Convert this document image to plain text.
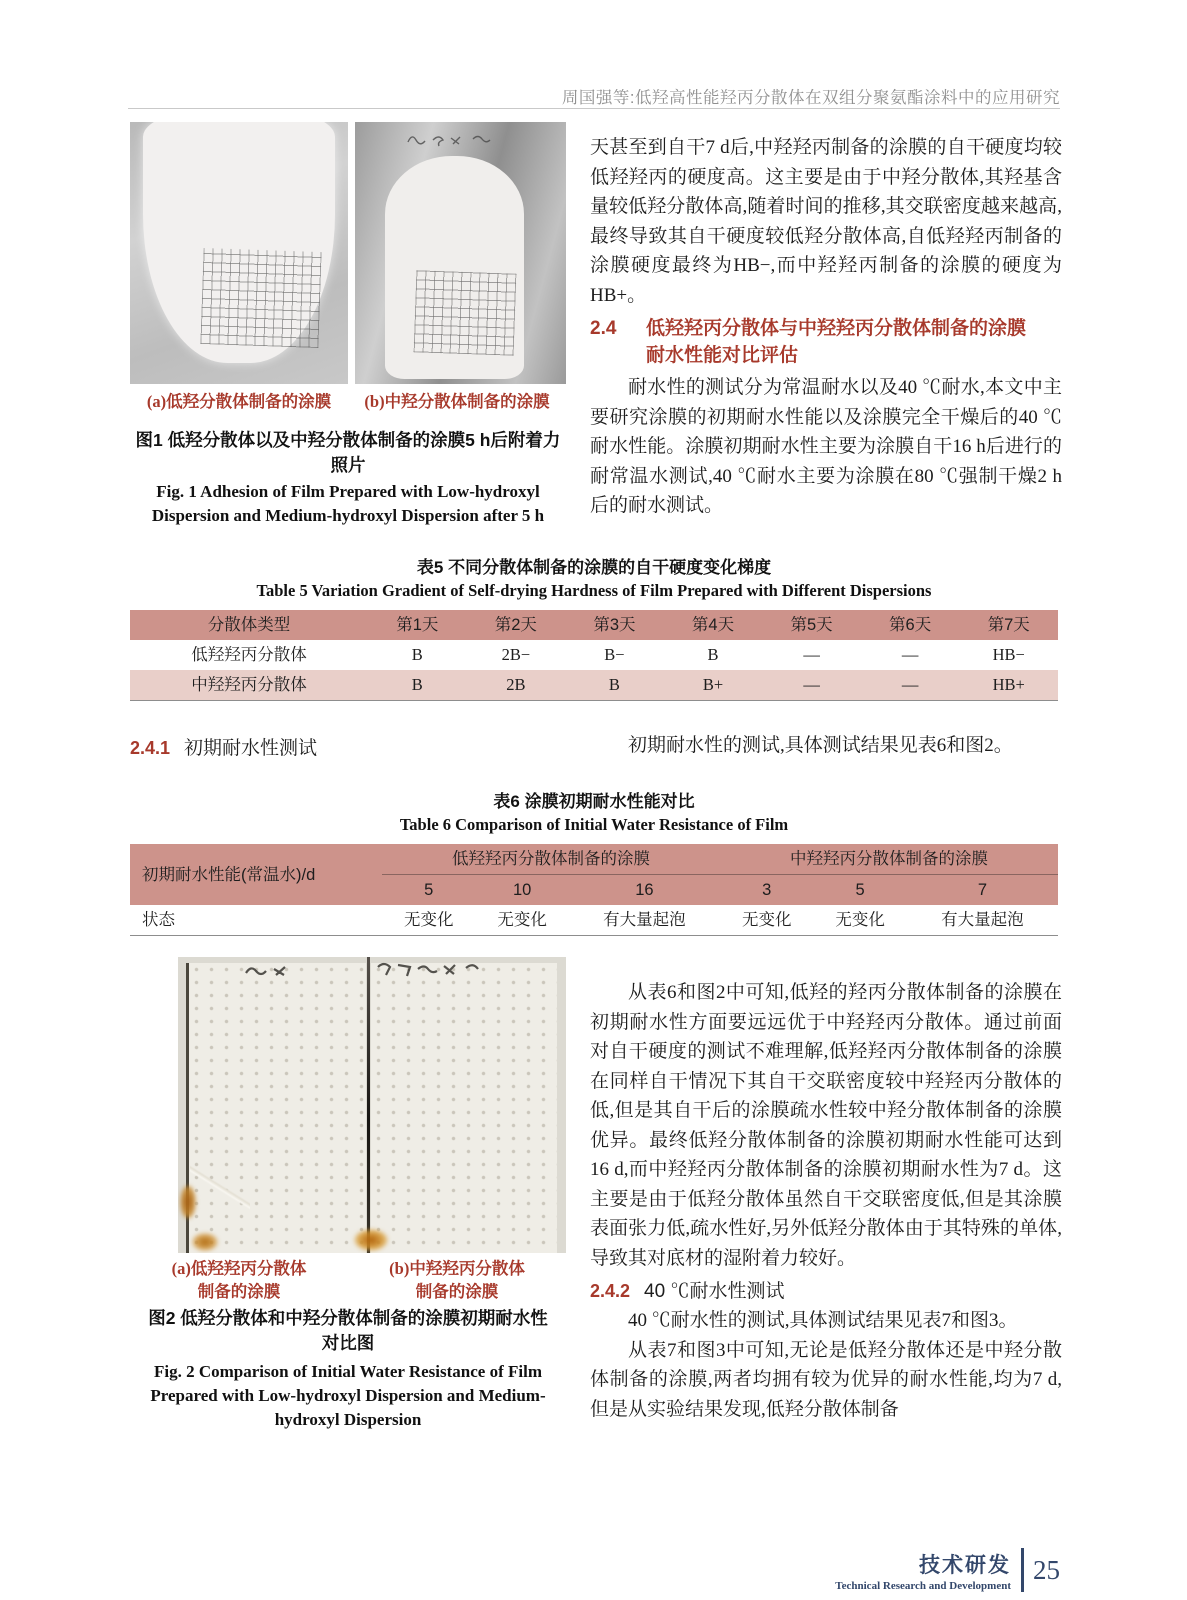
周国强等:低羟高性能羟丙分散体在双组分聚氨酯涂料中的应用研究
(a)低羟分散体制备的涂膜	(b)中羟分散体制备的涂膜
图1 低羟分散体以及中羟分散体制备的涂膜5 h后附着力
照片
Fig. 1 Adhesion of Film Prepared with Low-hydroxyl Dispersion and Medium-hydroxyl Dispersion after 5 h

天甚至到自干7 d后,中羟羟丙制备的涂膜的自干硬度均较低羟羟丙的硬度高。这主要是由于中羟分散体,其羟基含量较低羟分散体高,随着时间的推移,其交联密度越来越高,最终导致其自干硬度较低羟分散体高,自低羟羟丙制备的涂膜硬度最终为HB−,而中羟羟丙制备的涂膜的硬度为HB+。

2.4	低羟羟丙分散体与中羟羟丙分散体制备的涂膜
耐水性能对比评估

耐水性的测试分为常温耐水以及40 ℃耐水,本文中主要研究涂膜的初期耐水性能以及涂膜完全干燥后的40 ℃耐水性能。涂膜初期耐水性主要为涂膜自干16 h后进行的耐常温水测试,40 ℃耐水主要为涂膜在80 ℃强制干燥2 h后的耐水测试。

表5 不同分散体制备的涂膜的自干硬度变化梯度
Table 5 Variation Gradient of Self-drying Hardness of Film Prepared with Different Dispersions
分散体类型	第1天	第2天	第3天	第4天	第5天	第6天	第7天
低羟羟丙分散体	B	2B−	B−	B	—	—	HB−
中羟羟丙分散体	B	2B	B	B+	—	—	HB+
2.4.1 初期耐水性测试	初期耐水性的测试,具体测试结果见表6和图2。

表6 涂膜初期耐水性能对比
Table 6 Comparison of Initial Water Resistance of Film
初期耐水性能(常温水)/d	低羟羟丙分散体制备的涂膜			中羟羟丙分散体制备的涂膜		
	5	10	16	3	5	7
状态	无变化	无变化	有大量起泡	无变化	无变化	有大量起泡
(a)低羟羟丙分散体
制备的涂膜
(b)中羟羟丙分散体
制备的涂膜
图2 低羟分散体和中羟分散体制备的涂膜初期耐水性
对比图
Fig. 2 Comparison of Initial Water Resistance of Film Prepared with Low-hydroxyl Dispersion and Medium-hydroxyl Dispersion

从表6和图2中可知,低羟的羟丙分散体制备的涂膜在初期耐水性方面要远远优于中羟羟丙分散体。通过前面对自干硬度的测试不难理解,低羟羟丙分散体制备的涂膜在同样自干情况下其自干交联密度较中羟羟丙分散体的低,但是其自干后的涂膜疏水性较中羟分散体制备的涂膜优异。最终低羟分散体制备的涂膜初期耐水性能可达到16 d,而中羟羟丙分散体制备的涂膜初期耐水性为7 d。这主要是由于低羟分散体虽然自干交联密度低,但是其涂膜表面张力低,疏水性好,另外低羟分散体由于其特殊的单体,导致其对底材的湿附着力较好。

2.4.2 40 ℃耐水性测试

40 ℃耐水性的测试,具体测试结果见表7和图3。

从表7和图3中可知,无论是低羟分散体还是中羟分散体制备的涂膜,两者均拥有较为优异的耐水性能,均为7 d,但是从实验结果发现,低羟分散体制备

技术研发
Technical Research and Development
25
